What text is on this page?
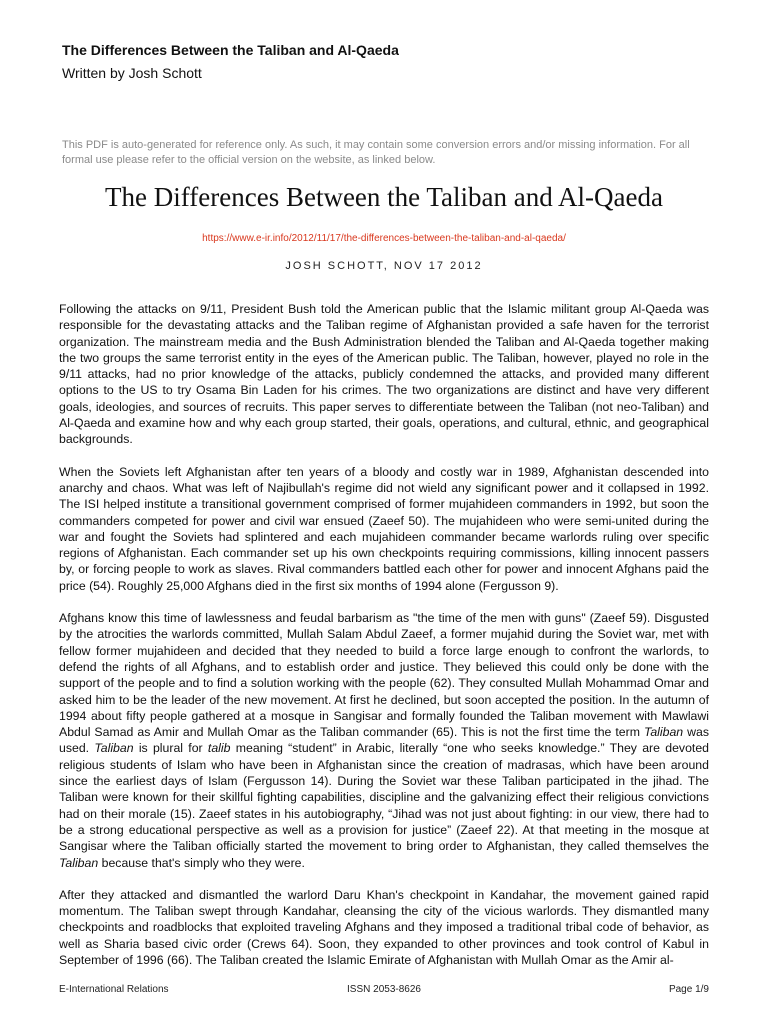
The Differences Between the Taliban and Al-Qaeda
Written by Josh Schott
This PDF is auto-generated for reference only. As such, it may contain some conversion errors and/or missing information. For all formal use please refer to the official version on the website, as linked below.
The Differences Between the Taliban and Al-Qaeda
https://www.e-ir.info/2012/11/17/the-differences-between-the-taliban-and-al-qaeda/
JOSH SCHOTT, NOV 17 2012

Following the attacks on 9/11, President Bush told the American public that the Islamic militant group Al-Qaeda was responsible for the devastating attacks and the Taliban regime of Afghanistan provided a safe haven for the terrorist organization. The mainstream media and the Bush Administration blended the Taliban and Al-Qaeda together making the two groups the same terrorist entity in the eyes of the American public. The Taliban, however, played no role in the 9/11 attacks, had no prior knowledge of the attacks, publicly condemned the attacks, and provided many different options to the US to try Osama Bin Laden for his crimes. The two organizations are distinct and have very different goals, ideologies, and sources of recruits. This paper serves to differentiate between the Taliban (not neo-Taliban) and Al-Qaeda and examine how and why each group started, their goals, operations, and cultural, ethnic, and geographical backgrounds.

When the Soviets left Afghanistan after ten years of a bloody and costly war in 1989, Afghanistan descended into anarchy and chaos. What was left of Najibullah's regime did not wield any significant power and it collapsed in 1992. The ISI helped institute a transitional government comprised of former mujahideen commanders in 1992, but soon the commanders competed for power and civil war ensued (Zaeef 50). The mujahideen who were semi-united during the war and fought the Soviets had splintered and each mujahideen commander became warlords ruling over specific regions of Afghanistan. Each commander set up his own checkpoints requiring commissions, killing innocent passers by, or forcing people to work as slaves. Rival commanders battled each other for power and innocent Afghans paid the price (54). Roughly 25,000 Afghans died in the first six months of 1994 alone (Fergusson 9).

Afghans know this time of lawlessness and feudal barbarism as "the time of the men with guns" (Zaeef 59). Disgusted by the atrocities the warlords committed, Mullah Salam Abdul Zaeef, a former mujahid during the Soviet war, met with fellow former mujahideen and decided that they needed to build a force large enough to confront the warlords, to defend the rights of all Afghans, and to establish order and justice. They believed this could only be done with the support of the people and to find a solution working with the people (62). They consulted Mullah Mohammad Omar and asked him to be the leader of the new movement. At first he declined, but soon accepted the position. In the autumn of 1994 about fifty people gathered at a mosque in Sangisar and formally founded the Taliban movement with Mawlawi Abdul Samad as Amir and Mullah Omar as the Taliban commander (65). This is not the first time the term Taliban was used. Taliban is plural for talib meaning “student” in Arabic, literally “one who seeks knowledge.” They are devoted religious students of Islam who have been in Afghanistan since the creation of madrasas, which have been around since the earliest days of Islam (Fergusson 14). During the Soviet war these Taliban participated in the jihad. The Taliban were known for their skillful fighting capabilities, discipline and the galvanizing effect their religious convictions had on their morale (15). Zaeef states in his autobiography, “Jihad was not just about fighting: in our view, there had to be a strong educational perspective as well as a provision for justice” (Zaeef 22). At that meeting in the mosque at Sangisar where the Taliban officially started the movement to bring order to Afghanistan, they called themselves the Taliban because that's simply who they were.

After they attacked and dismantled the warlord Daru Khan's checkpoint in Kandahar, the movement gained rapid momentum. The Taliban swept through Kandahar, cleansing the city of the vicious warlords. They dismantled many checkpoints and roadblocks that exploited traveling Afghans and they imposed a traditional tribal code of behavior, as well as Sharia based civic order (Crews 64). Soon, they expanded to other provinces and took control of Kabul in September of 1996 (66). The Taliban created the Islamic Emirate of Afghanistan with Mullah Omar as the Amir al-

E-International Relations	ISSN 2053-8626	Page 1/9
